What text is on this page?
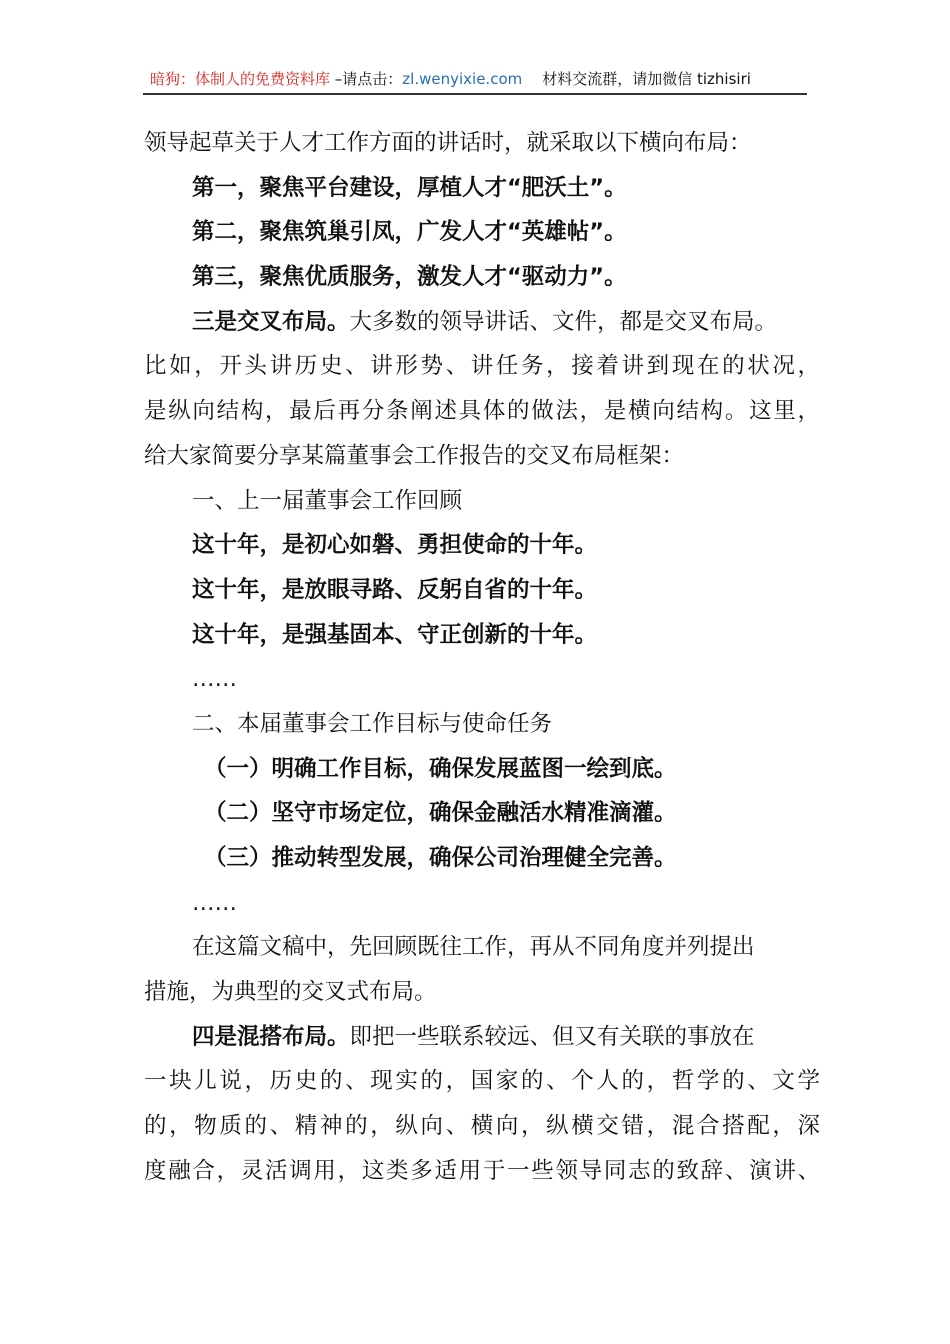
暗狗：体制人的免费资料库 –请点击：zl.wenyixie.com 材料交流群，请加微信 tizhisiri
领导起草关于人才工作方面的讲话时，就采取以下横向布局：
第一，聚焦平台建设，厚植人才“肥沃土”。
第二，聚焦筑巢引凤，广发人才“英雄帖”。
第三，聚焦优质服务，激发人才“驱动力”。
三是交叉布局。大多数的领导讲话、文件，都是交叉布局。
比如，开头讲历史、讲形势、讲任务，接着讲到现在的状况，
是纵向结构，最后再分条阐述具体的做法，是横向结构。这里，
给大家简要分享某篇董事会工作报告的交叉布局框架：
一、上一届董事会工作回顾
这十年，是初心如磐、勇担使命的十年。
这十年，是放眼寻路、反躬自省的十年。
这十年，是强基固本、守正创新的十年。
……
二、本届董事会工作目标与使命任务
（一）明确工作目标，确保发展蓝图一绘到底。
（二）坚守市场定位，确保金融活水精准滴灌。
（三）推动转型发展，确保公司治理健全完善。
……
在这篇文稿中，先回顾既往工作，再从不同角度并列提出
措施，为典型的交叉式布局。
四是混搭布局。即把一些联系较远、但又有关联的事放在
一块儿说，历史的、现实的，国家的、个人的，哲学的、文学
的，物质的、精神的，纵向、横向，纵横交错，混合搭配，深
度融合，灵活调用，这类多适用于一些领导同志的致辞、演讲、
